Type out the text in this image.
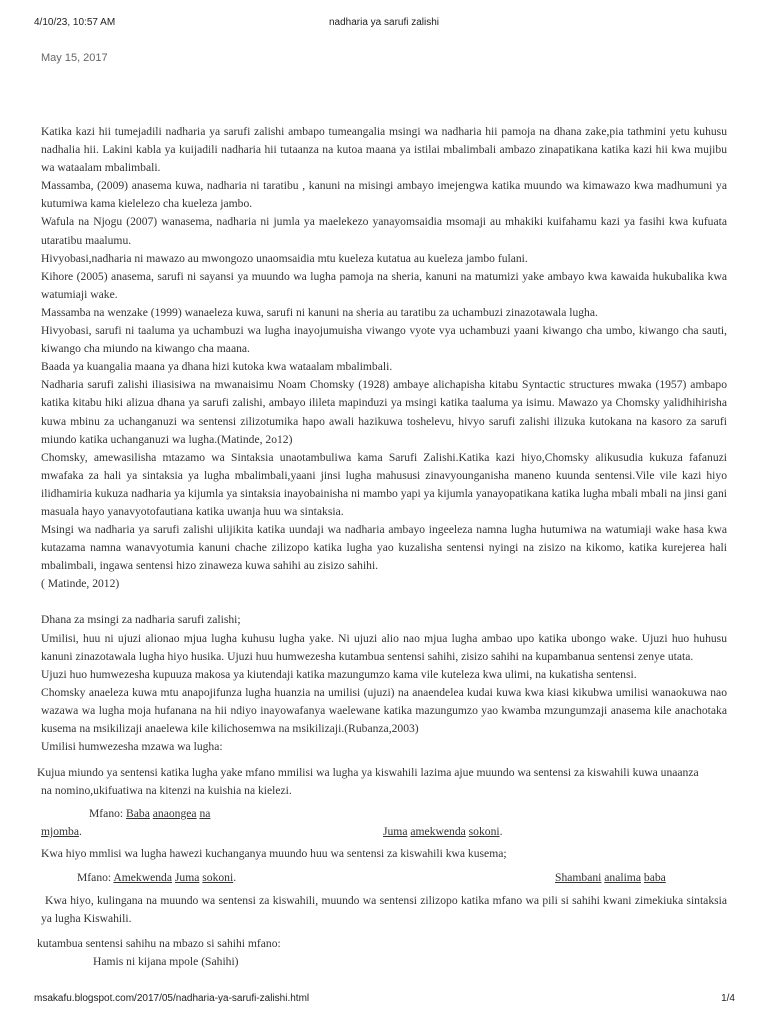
4/10/23, 10:57 AM	nadharia ya sarufi zalishi
May 15, 2017

Katika kazi hii tumejadili nadharia ya sarufi zalishi ambapo tumeangalia msingi wa nadharia hii pamoja na dhana zake,pia tathmini yetu kuhusu nadhalia hii. Lakini kabla ya kuijadili nadharia hii tutaanza na kutoa maana ya istilai mbalimbali ambazo zinapatikana katika kazi hii kwa mujibu wa wataalam mbalimbali.

Massamba, (2009) anasema kuwa, nadharia ni taratibu , kanuni na misingi ambayo imejengwa katika muundo wa kimawazo kwa madhumuni ya kutumiwa kama kielelezo cha kueleza jambo.

Wafula na Njogu (2007) wanasema, nadharia ni jumla ya maelekezo yanayomsaidia msomaji au mhakiki kuifahamu kazi ya fasihi kwa kufuata utaratibu maalumu.

Hivyobasi,nadharia ni mawazo au mwongozo unaomsaidia mtu kueleza kutatua au kueleza jambo fulani.

Kihore (2005) anasema, sarufi ni sayansi ya muundo wa lugha pamoja na sheria, kanuni na matumizi yake ambayo kwa kawaida hukubalika kwa watumiaji wake.

Massamba na wenzake (1999) wanaeleza kuwa, sarufi ni kanuni na sheria au taratibu za uchambuzi zinazotawala lugha.

Hivyobasi, sarufi ni taaluma ya uchambuzi wa lugha inayojumuisha viwango vyote vya uchambuzi yaani kiwango cha umbo, kiwango cha sauti, kiwango cha miundo na kiwango cha maana.

Baada ya kuangalia maana ya dhana hizi kutoka kwa wataalam mbalimbali.

Nadharia sarufi zalishi iliasisiwa na mwanaisimu Noam Chomsky (1928) ambaye alichapisha kitabu Syntactic structures mwaka (1957) ambapo katika kitabu hiki alizua dhana ya sarufi zalishi, ambayo ilileta mapinduzi ya msingi katika taaluma ya isimu. Mawazo ya Chomsky yalidhihirisha kuwa mbinu za uchanganuzi wa sentensi zilizotumika hapo awali hazikuwa toshelevu, hivyo sarufi zalishi ilizuka kutokana na kasoro za sarufi miundo katika uchanganuzi wa lugha.(Matinde, 2o12)

Chomsky, amewasilisha mtazamo wa Sintaksia unaotambuliwa kama Sarufi Zalishi.Katika kazi hiyo,Chomsky alikusudia kukuza fafanuzi mwafaka za hali ya sintaksia ya lugha mbalimbali,yaani jinsi lugha mahususi zinavyounganisha maneno kuunda sentensi.Vile vile kazi hiyo ilidhamiria kukuza nadharia ya kijumla ya sintaksia inayobainisha ni mambo yapi ya kijumla yanayopatikana katika lugha mbali mbali na jinsi gani masuala hayo yanavyotofautiana katika uwanja huu wa sintaksia.

Msingi wa nadharia ya sarufi zalishi ulijikita katika uundaji wa nadharia ambayo ingeeleza namna lugha hutumiwa na watumiaji wake hasa kwa kutazama namna wanavyotumia kanuni chache zilizopo katika lugha yao kuzalisha sentensi nyingi na zisizo na kikomo, katika kurejerea hali mbalimbali, ingawa sentensi hizo zinaweza kuwa sahihi au zisizo sahihi.

( Matinde, 2012)

Dhana za msingi za nadharia sarufi zalishi;

Umilisi, huu ni ujuzi alionao mjua lugha kuhusu lugha yake. Ni ujuzi alio nao mjua lugha ambao upo katika ubongo wake. Ujuzi huo huhusu kanuni zinazotawala lugha hiyo husika. Ujuzi huu humwezesha kutambua sentensi sahihi, zisizo sahihi na kupambanua sentensi zenye utata.

Ujuzi huo humwezesha kupuuza makosa ya kiutendaji katika mazungumzo kama vile kuteleza kwa ulimi, na kukatisha sentensi.

Chomsky anaeleza kuwa mtu anapojifunza lugha huanzia na umilisi (ujuzi) na anaendelea kudai kuwa kwa kiasi kikubwa umilisi wanaokuwa nao wazawa wa lugha moja hufanana na hii ndiyo inayowafanya waelewane katika mazungumzo yao kwamba mzungumzaji anasema kile anachotaka kusema na msikilizaji anaelewa kile kilichosemwa na msikilizaji.(Rubanza,2003)

Umilisi humwezesha mzawa wa lugha:

Kujua miundo ya sentensi katika lugha yake mfano mmilisi wa lugha ya kiswahili lazima ajue muundo wa sentensi za kiswahili kuwa unaanza
na nomino,ukifuatiwa na kitenzi na kuishia na kielezi.
Mfano: Baba anaongea na
mjomba.	Juma amekwenda sokoni.
Kwa hiyo mmlisi wa lugha hawezi kuchanganya muundo huu wa sentensi za kiswahili kwa kusema;
Mfano: Amekwenda Juma sokoni.	Shambani analima baba
Kwa hiyo, kulingana na muundo wa sentensi za kiswahili, muundo wa sentensi zilizopo katika mfano wa pili si sahihi kwani zimekiuka sintaksia ya lugha Kiswahili.
kutambua sentensi sahihu na mbazo si sahihi mfano:
Hamis ni kijana mpole (Sahihi)
msakafu.blogspot.com/2017/05/nadharia-ya-sarufi-zalishi.html	1/4
